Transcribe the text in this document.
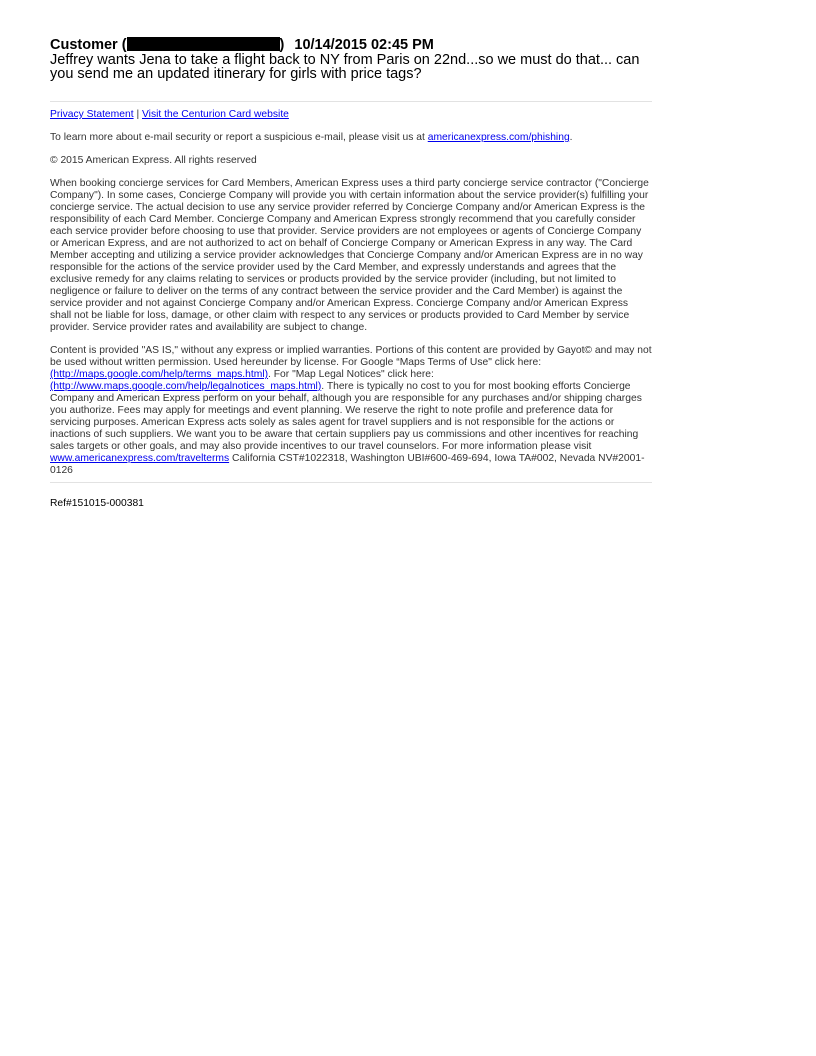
Customer (	) 10/14/2015 02:45 PM
Jeffrey wants Jena to take a flight back to NY from Paris on 22nd...so we must do that... can you send me an updated itinerary for girls with price tags?
Privacy Statement | Visit the Centurion Card website
To learn more about e-mail security or report a suspicious e-mail, please visit us at americanexpress.com/phishing.
© 2015 American Express. All rights reserved
When booking concierge services for Card Members, American Express uses a third party concierge service contractor ("Concierge Company"). In some cases, Concierge Company will provide you with certain information about the service provider(s) fulfilling your concierge service. The actual decision to use any service provider referred by Concierge Company and/or American Express is the responsibility of each Card Member. Concierge Company and American Express strongly recommend that you carefully consider each service provider before choosing to use that provider. Service providers are not employees or agents of Concierge Company or American Express, and are not authorized to act on behalf of Concierge Company or American Express in any way. The Card Member accepting and utilizing a service provider acknowledges that Concierge Company and/or American Express are in no way responsible for the actions of the service provider used by the Card Member, and expressly understands and agrees that the exclusive remedy for any claims relating to services or products provided by the service provider (including, but not limited to negligence or failure to deliver on the terms of any contract between the service provider and the Card Member) is against the service provider and not against Concierge Company and/or American Express. Concierge Company and/or American Express shall not be liable for loss, damage, or other claim with respect to any services or products provided to Card Member by service provider. Service provider rates and availability are subject to change.
Content is provided "AS IS," without any express or implied warranties. Portions of this content are provided by Gayot© and may not be used without written permission. Used hereunder by license. For Google “Maps Terms of Use" click here: (http://maps.google.com/help/terms_maps.html). For "Map Legal Notices" click here: (http://www.maps.google.com/help/legalnotices_maps.html). There is typically no cost to you for most booking efforts Concierge Company and American Express perform on your behalf, although you are responsible for any purchases and/or shipping charges you authorize. Fees may apply for meetings and event planning. We reserve the right to note profile and preference data for servicing purposes. American Express acts solely as sales agent for travel suppliers and is not responsible for the actions or inactions of such suppliers. We want you to be aware that certain suppliers pay us commissions and other incentives for reaching sales targets or other goals, and may also provide incentives to our travel counselors. For more information please visit www.americanexpress.com/travelterms California CST#1022318, Washington UBI#600-469-694, Iowa TA#002, Nevada NV#2001-0126
Ref#151015-000381
